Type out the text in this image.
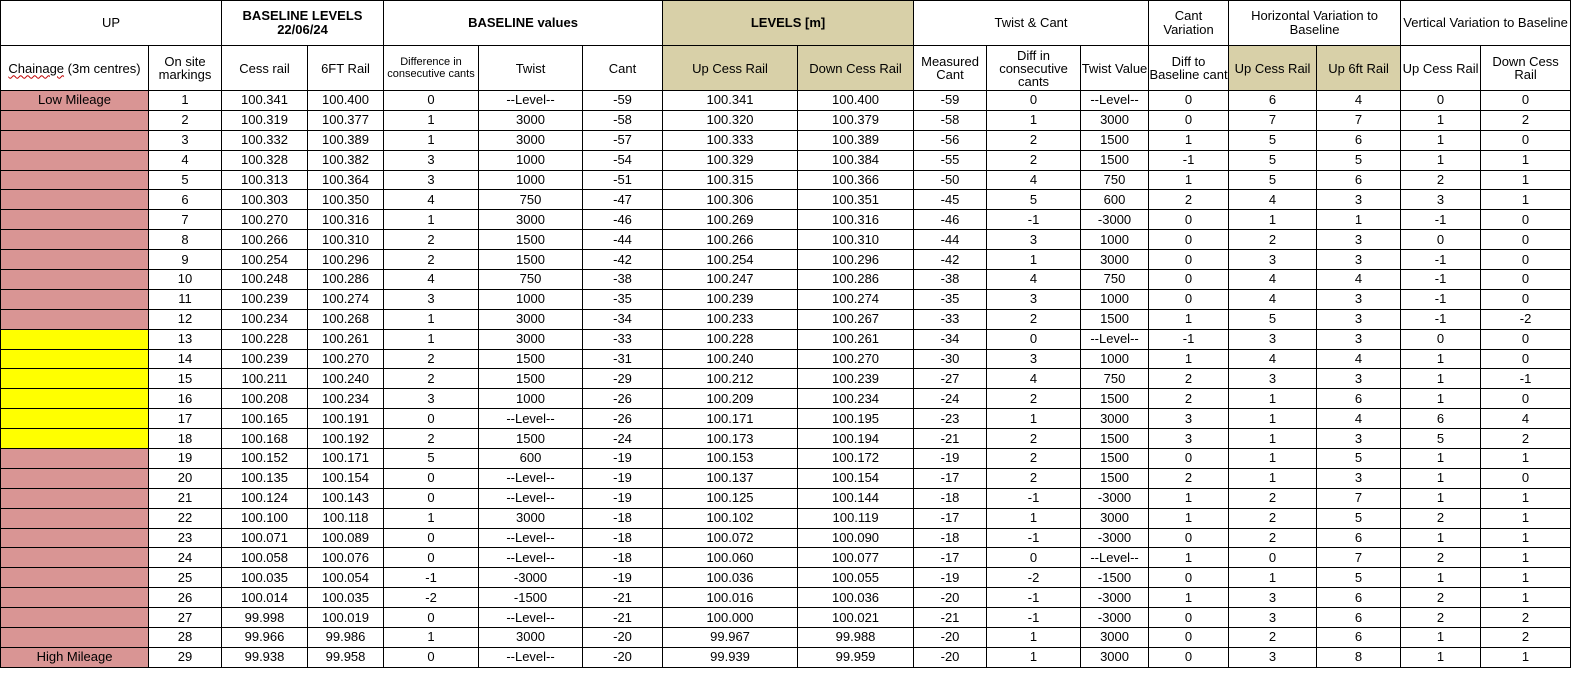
UP		BASELINE LEVELS
22/06/24		BASELINE values			LEVELS [m]		Twist & Cant			Cant Variation	Horizontal Variation to Baseline		Vertical Variation to Baseline	
Chainage (3m centres)	On site markings	Cess rail	6FT Rail	Difference in consecutive cants	Twist	Cant	Up Cess Rail	Down Cess Rail	Measured Cant	Diff in consecutive cants	Twist Value	Diff to Baseline cant	Up Cess Rail	Up 6ft Rail	Up Cess Rail	Down Cess Rail
Low Mileage	1	100.341	100.400	0	--Level--	-59	100.341	100.400	-59	0	--Level--	0	6	4	0	0
	2	100.319	100.377	1	3000	-58	100.320	100.379	-58	1	3000	0	7	7	1	2
	3	100.332	100.389	1	3000	-57	100.333	100.389	-56	2	1500	1	5	6	1	0
	4	100.328	100.382	3	1000	-54	100.329	100.384	-55	2	1500	-1	5	5	1	1
	5	100.313	100.364	3	1000	-51	100.315	100.366	-50	4	750	1	5	6	2	1
	6	100.303	100.350	4	750	-47	100.306	100.351	-45	5	600	2	4	3	3	1
	7	100.270	100.316	1	3000	-46	100.269	100.316	-46	-1	-3000	0	1	1	-1	0
	8	100.266	100.310	2	1500	-44	100.266	100.310	-44	3	1000	0	2	3	0	0
	9	100.254	100.296	2	1500	-42	100.254	100.296	-42	1	3000	0	3	3	-1	0
	10	100.248	100.286	4	750	-38	100.247	100.286	-38	4	750	0	4	4	-1	0
	11	100.239	100.274	3	1000	-35	100.239	100.274	-35	3	1000	0	4	3	-1	0
	12	100.234	100.268	1	3000	-34	100.233	100.267	-33	2	1500	1	5	3	-1	-2
	13	100.228	100.261	1	3000	-33	100.228	100.261	-34	0	--Level--	-1	3	3	0	0
	14	100.239	100.270	2	1500	-31	100.240	100.270	-30	3	1000	1	4	4	1	0
	15	100.211	100.240	2	1500	-29	100.212	100.239	-27	4	750	2	3	3	1	-1
	16	100.208	100.234	3	1000	-26	100.209	100.234	-24	2	1500	2	1	6	1	0
	17	100.165	100.191	0	--Level--	-26	100.171	100.195	-23	1	3000	3	1	4	6	4
	18	100.168	100.192	2	1500	-24	100.173	100.194	-21	2	1500	3	1	3	5	2
	19	100.152	100.171	5	600	-19	100.153	100.172	-19	2	1500	0	1	5	1	1
	20	100.135	100.154	0	--Level--	-19	100.137	100.154	-17	2	1500	2	1	3	1	0
	21	100.124	100.143	0	--Level--	-19	100.125	100.144	-18	-1	-3000	1	2	7	1	1
	22	100.100	100.118	1	3000	-18	100.102	100.119	-17	1	3000	1	2	5	2	1
	23	100.071	100.089	0	--Level--	-18	100.072	100.090	-18	-1	-3000	0	2	6	1	1
	24	100.058	100.076	0	--Level--	-18	100.060	100.077	-17	0	--Level--	1	0	7	2	1
	25	100.035	100.054	-1	-3000	-19	100.036	100.055	-19	-2	-1500	0	1	5	1	1
	26	100.014	100.035	-2	-1500	-21	100.016	100.036	-20	-1	-3000	1	3	6	2	1
	27	99.998	100.019	0	--Level--	-21	100.000	100.021	-21	-1	-3000	0	3	6	2	2
	28	99.966	99.986	1	3000	-20	99.967	99.988	-20	1	3000	0	2	6	1	2
High Mileage	29	99.938	99.958	0	--Level--	-20	99.939	99.959	-20	1	3000	0	3	8	1	1
